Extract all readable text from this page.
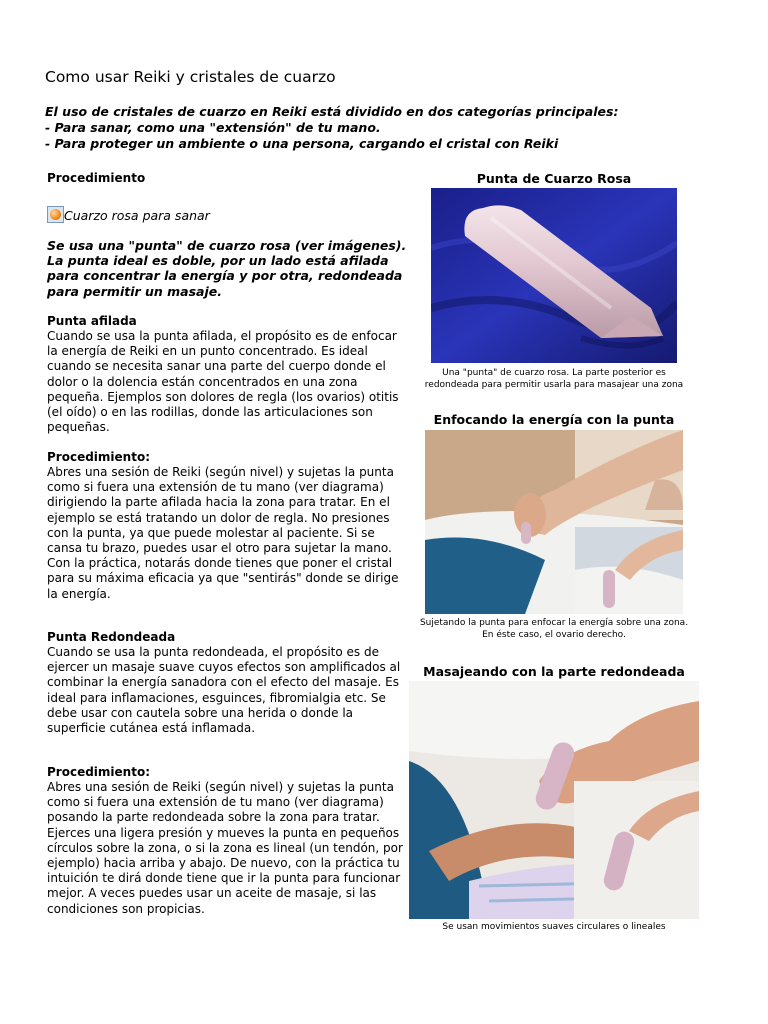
Como usar Reiki y cristales de cuarzo
El uso de cristales de cuarzo en Reiki está dividido en dos categorías principales:
- Para sanar, como una "extensión" de tu mano.
- Para proteger un ambiente o una persona, cargando el cristal con Reiki
Procedimiento
Cuarzo rosa para sanar
Se usa una "punta" de cuarzo rosa (ver imágenes). La punta ideal es doble, por un lado está afilada para concentrar la energía y por otra, redondeada para permitir un masaje.
Punta afilada
Cuando se usa la punta afilada, el propósito es de enfocar la energía de Reiki en un punto concentrado. Es ideal cuando se necesita sanar una parte del cuerpo donde el dolor o la dolencia están concentrados en una zona pequeña. Ejemplos son dolores de regla (los ovarios) otitis (el oído) o en las rodillas, donde las articulaciones son pequeñas.
Procedimiento:
Abres una sesión de Reiki (según nivel) y sujetas la punta como si fuera una extensión de tu mano (ver diagrama) dirigiendo la parte afilada hacia la zona para tratar. En el ejemplo se está tratando un dolor de regla. No presiones con la punta, ya que puede molestar al paciente. Si se cansa tu brazo, puedes usar el otro para sujetar la mano. Con la práctica, notarás donde tienes que poner el cristal para su máxima eficacia ya que "sentirás" donde se dirige la energía.
Punta Redondeada
Cuando se usa la punta redondeada, el propósito es de ejercer un masaje suave cuyos efectos son amplificados al combinar la energía sanadora con el efecto del masaje. Es ideal para inflamaciones, esguinces, fibromialgia etc. Se debe usar con cautela sobre una herida o donde la superficie cutánea está inflamada.
Procedimiento:
Abres una sesión de Reiki (según nivel) y sujetas la punta como si fuera una extensión de tu mano (ver diagrama) posando la parte redondeada sobre la zona para tratar. Ejerces una ligera presión y mueves la punta en pequeños círculos sobre la zona, o si la zona es lineal (un tendón, por ejemplo) hacia arriba y abajo. De nuevo, con la práctica tu intuición te dirá donde tiene que ir la punta para funcionar mejor. A veces puedes usar un aceite de masaje, si las condiciones son propicias.
Punta de Cuarzo Rosa
Una "punta" de cuarzo rosa. La parte posterior es redondeada para permitir usarla para masajear una zona
Enfocando la energía con la punta
Sujetando la punta para enfocar la energía sobre una zona. En éste caso, el ovario derecho.
Masajeando con la parte redondeada
Se usan movimientos suaves circulares o lineales
